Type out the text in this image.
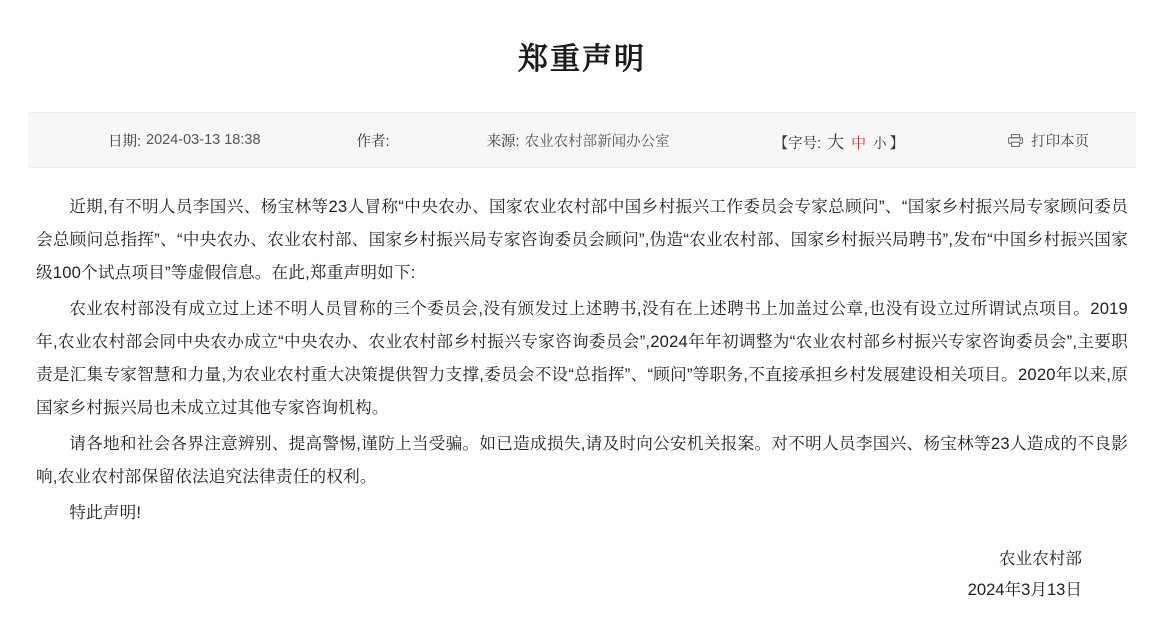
郑重声明
日期: 2024-03-13 18:38	作者:	来源: 农业农村部新闻办公室	【字号: 大 中 小 】	打印本页

近期,有不明人员李国兴、杨宝林等23人冒称“中央农办、国家农业农村部中国乡村振兴工作委员会专家总顾问”、“国家乡村振兴局专家顾问委员会总顾问总指挥”、“中央农办、农业农村部、国家乡村振兴局专家咨询委员会顾问”,伪造“农业农村部、国家乡村振兴局聘书”,发布“中国乡村振兴国家级100个试点项目”等虚假信息。在此,郑重声明如下:

农业农村部没有成立过上述不明人员冒称的三个委员会,没有颁发过上述聘书,没有在上述聘书上加盖过公章,也没有设立过所谓试点项目。2019年,农业农村部会同中央农办成立“中央农办、农业农村部乡村振兴专家咨询委员会”,2024年年初调整为“农业农村部乡村振兴专家咨询委员会”,主要职责是汇集专家智慧和力量,为农业农村重大决策提供智力支撑,委员会不设“总指挥”、“顾问”等职务,不直接承担乡村发展建设相关项目。2020年以来,原国家乡村振兴局也未成立过其他专家咨询机构。

请各地和社会各界注意辨别、提高警惕,谨防上当受骗。如已造成损失,请及时向公安机关报案。对不明人员李国兴、杨宝林等23人造成的不良影响,农业农村部保留依法追究法律责任的权利。

特此声明!

农业农村部
2024年3月13日
